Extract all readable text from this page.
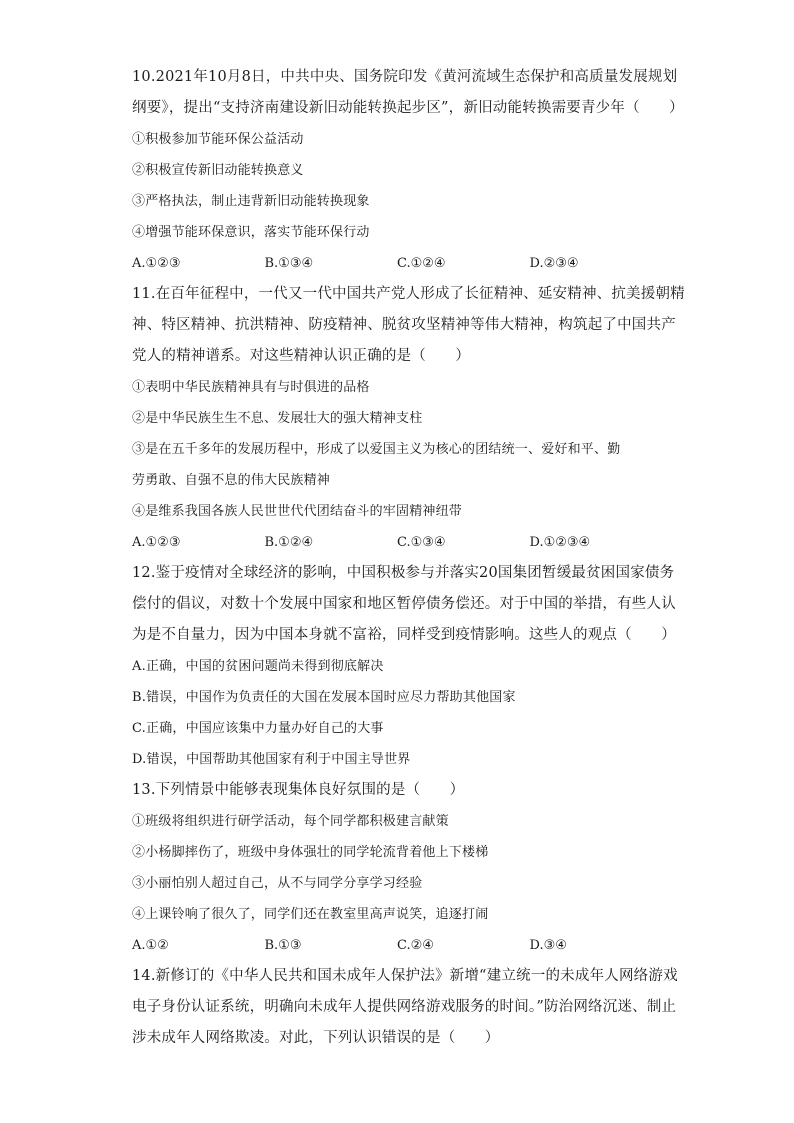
10.2021年10月8日，中共中央、国务院印发《黄河流域生态保护和高质量发展规划
纲要》，提出“支持济南建设新旧动能转换起步区”，新旧动能转换需要青少年（　　）
①积极参加节能环保公益活动
②积极宣传新旧动能转换意义
③严格执法，制止违背新旧动能转换现象
④增强节能环保意识，落实节能环保行动
A.①②③	B.①③④	C.①②④	D.②③④
11.在百年征程中，一代又一代中国共产党人形成了长征精神、延安精神、抗美援朝精
神、特区精神、抗洪精神、防疫精神、脱贫攻坚精神等伟大精神，构筑起了中国共产
党人的精神谱系。对这些精神认识正确的是（　　）
①表明中华民族精神具有与时俱进的品格
②是中华民族生生不息、发展壮大的强大精神支柱
③是在五千多年的发展历程中，形成了以爱国主义为核心的团结统一、爱好和平、勤
劳勇敢、自强不息的伟大民族精神
④是维系我国各族人民世世代代团结奋斗的牢固精神纽带
A.①②③	B.①②④	C.①③④	D.①②③④
12.鉴于疫情对全球经济的影响，中国积极参与并落实20国集团暂缓最贫困国家债务
偿付的倡议，对数十个发展中国家和地区暂停债务偿还。对于中国的举措，有些人认
为是不自量力，因为中国本身就不富裕，同样受到疫情影响。这些人的观点（　　）
A.正确，中国的贫困问题尚未得到彻底解决
B.错误，中国作为负责任的大国在发展本国时应尽力帮助其他国家
C.正确，中国应该集中力量办好自己的大事
D.错误，中国帮助其他国家有利于中国主导世界
13.下列情景中能够表现集体良好氛围的是（　　）
①班级将组织进行研学活动，每个同学都积极建言献策
②小杨脚摔伤了，班级中身体强壮的同学轮流背着他上下楼梯
③小丽怕别人超过自己，从不与同学分享学习经验
④上课铃响了很久了，同学们还在教室里高声说笑，追逐打闹
A.①②	B.①③	C.②④	D.③④
14.新修订的《中华人民共和国未成年人保护法》新增“建立统一的未成年人网络游戏
电子身份认证系统，明确向未成年人提供网络游戏服务的时间。”防治网络沉迷、制止
涉未成年人网络欺凌。对此，下列认识错误的是（　　）
